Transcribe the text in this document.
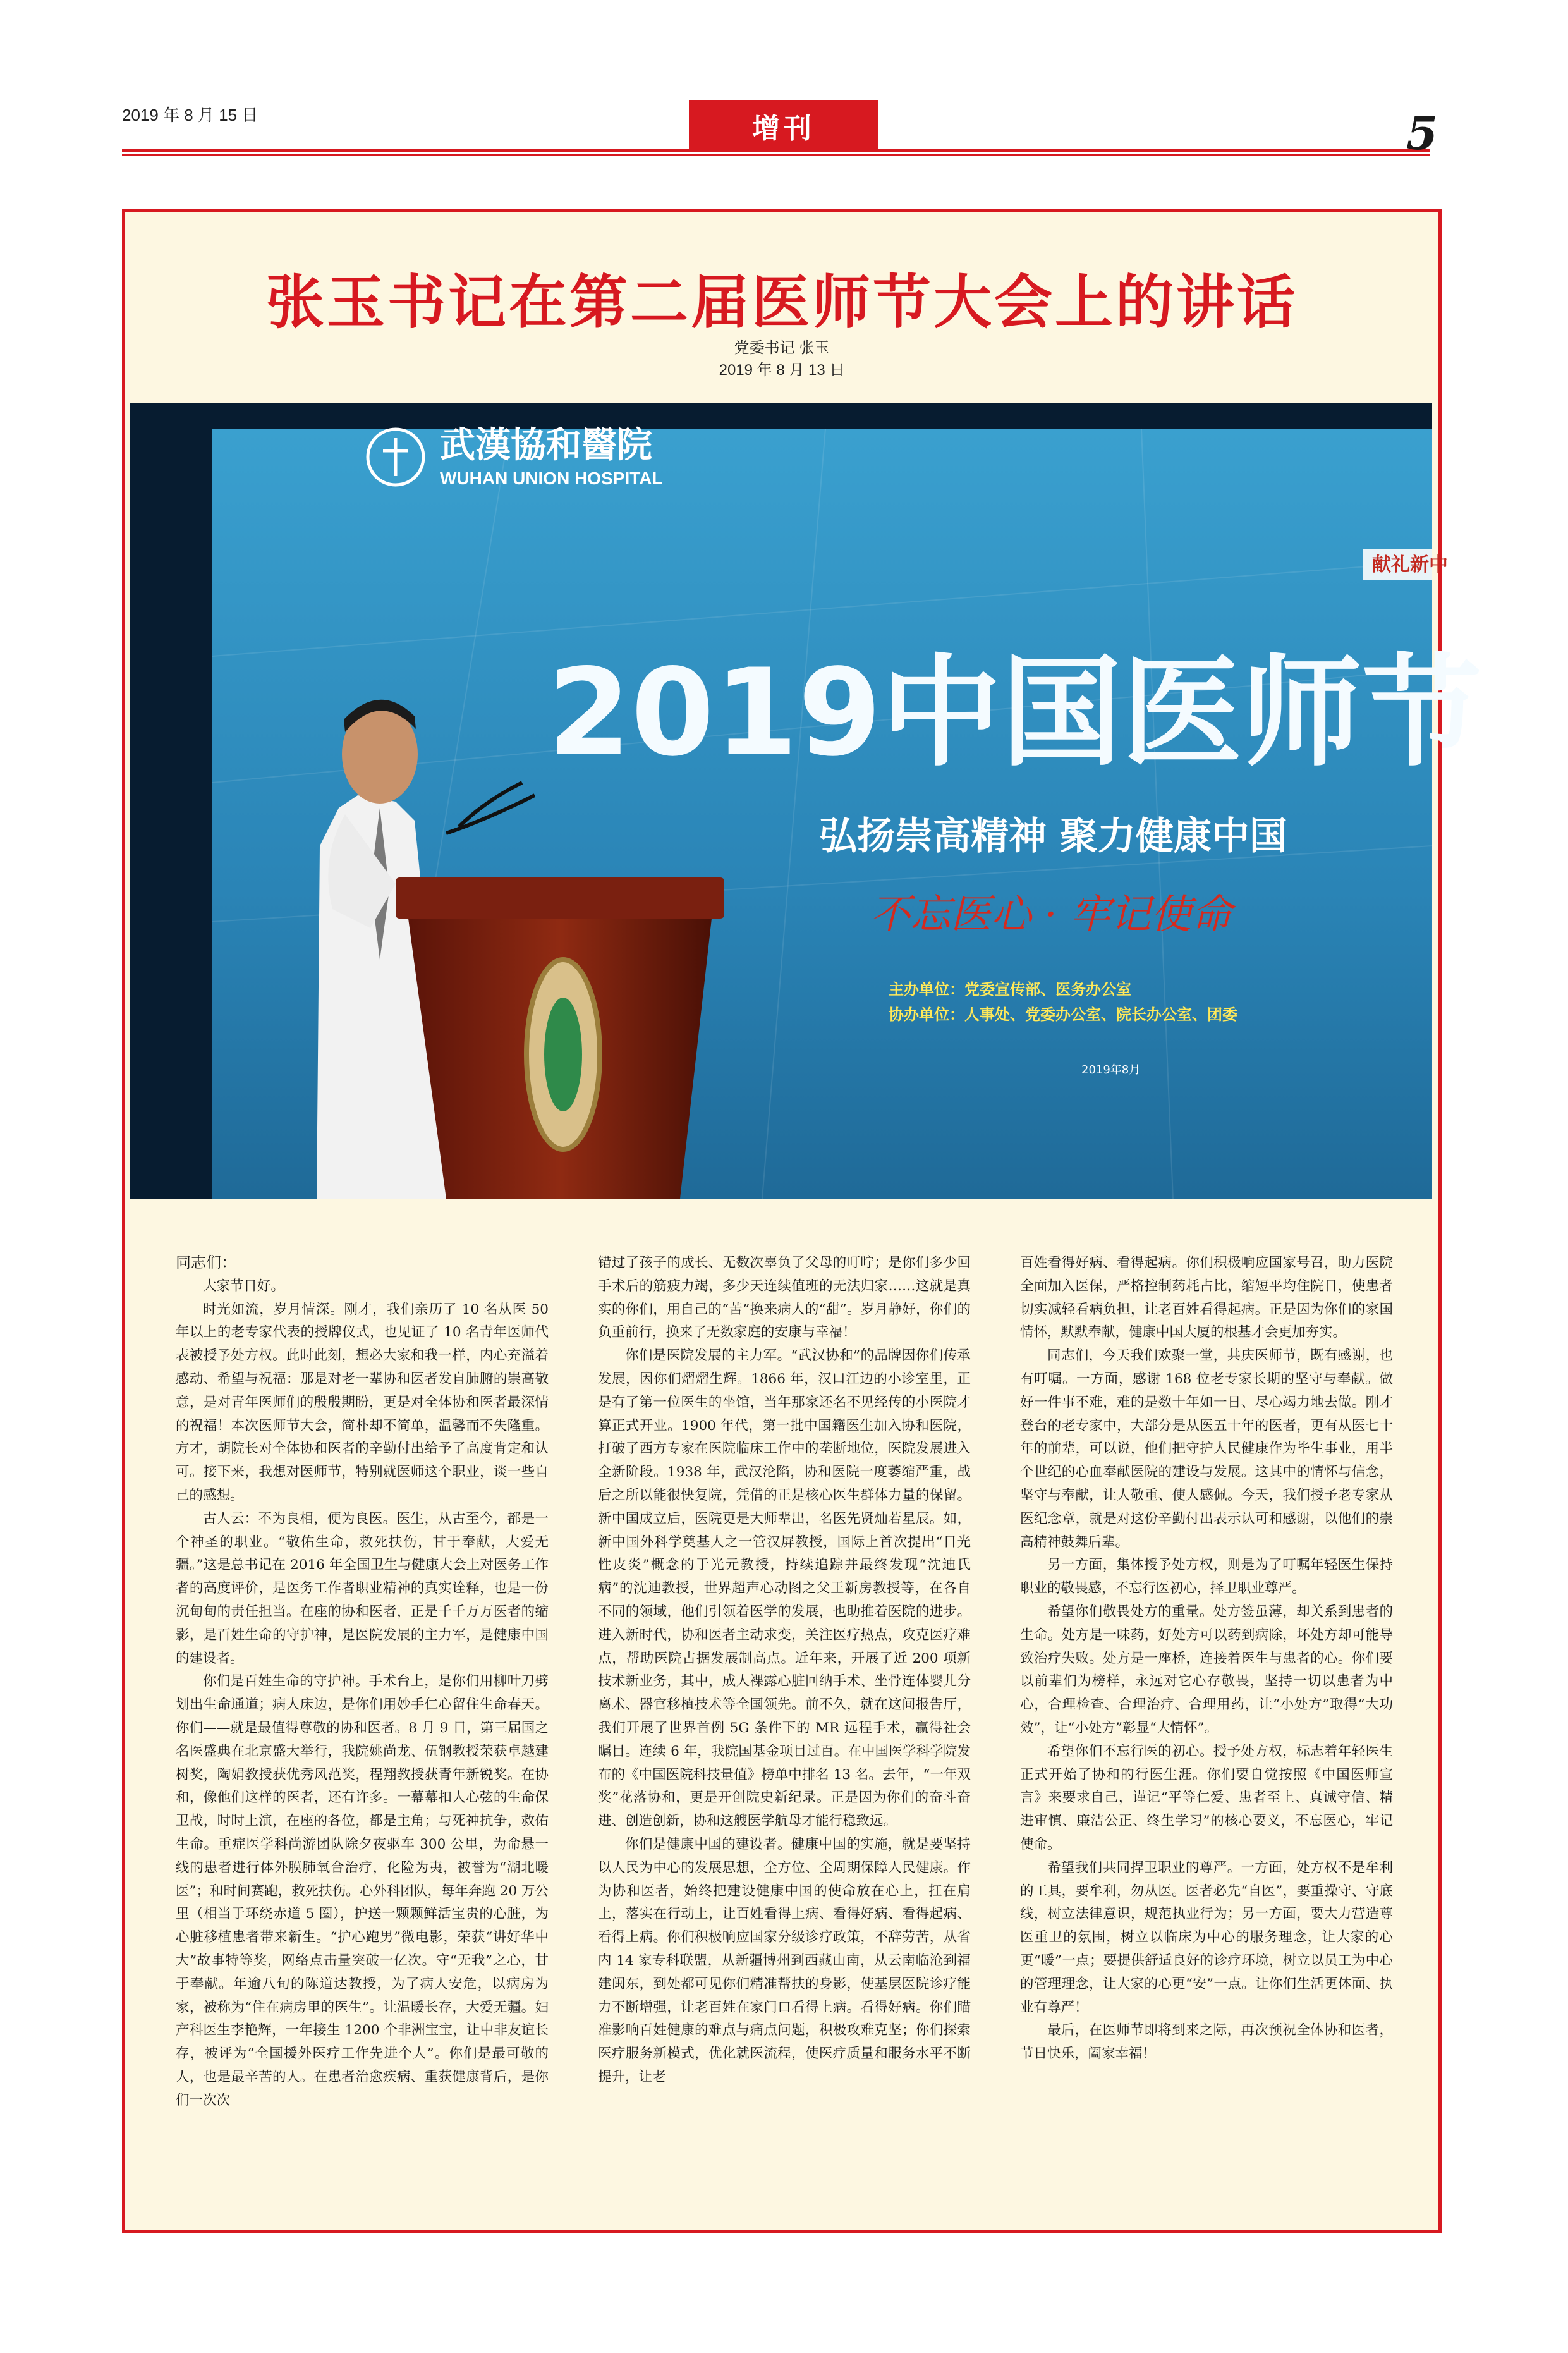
2019 年 8 月 15 日	增刊	5
张玉书记在第二届医师节大会上的讲话
党委书记 张玉
2019 年 8 月 13 日
武漢協和醫院
WUHAN UNION HOSPITAL
献礼新中
2019中国医师节
弘扬崇高精神 聚力健康中国
不忘医心 · 牢记使命
主办单位：党委宣传部、医务办公室
协办单位：人事处、党委办公室、院长办公室、团委
2019年8月

同志们：

大家节日好。

时光如流，岁月情深。刚才，我们亲历了 10 名从医 50 年以上的老专家代表的授牌仪式，也见证了 10 名青年医师代表被授予处方权。此时此刻，想必大家和我一样，内心充溢着感动、希望与祝福：那是对老一辈协和医者发自肺腑的崇高敬意，是对青年医师们的殷殷期盼，更是对全体协和医者最深情的祝福！本次医师节大会，简朴却不简单，温馨而不失隆重。方才，胡院长对全体协和医者的辛勤付出给予了高度肯定和认可。接下来，我想对医师节，特别就医师这个职业，谈一些自己的感想。

古人云：不为良相，便为良医。医生，从古至今，都是一个神圣的职业。“敬佑生命，救死扶伤，甘于奉献，大爱无疆。”这是总书记在 2016 年全国卫生与健康大会上对医务工作者的高度评价，是医务工作者职业精神的真实诠释，也是一份沉甸甸的责任担当。在座的协和医者，正是千千万万医者的缩影，是百姓生命的守护神，是医院发展的主力军，是健康中国的建设者。

你们是百姓生命的守护神。手术台上，是你们用柳叶刀劈划出生命通道；病人床边，是你们用妙手仁心留住生命春天。你们——就是最值得尊敬的协和医者。8 月 9 日，第三届国之名医盛典在北京盛大举行，我院姚尚龙、伍钢教授荣获卓越建树奖，陶娟教授获优秀风范奖，程翔教授获青年新锐奖。在协和，像他们这样的医者，还有许多。一幕幕扣人心弦的生命保卫战，时时上演，在座的各位，都是主角；与死神抗争，救佑生命。重症医学科尚游团队除夕夜驱车 300 公里，为命悬一线的患者进行体外膜肺氧合治疗，化险为夷，被誉为“湖北暖医”；和时间赛跑，救死扶伤。心外科团队，每年奔跑 20 万公里（相当于环绕赤道 5 圈），护送一颗颗鲜活宝贵的心脏，为心脏移植患者带来新生。“护心跑男”微电影，荣获“讲好华中大”故事特等奖，网络点击量突破一亿次。守“无我”之心，甘于奉献。年逾八旬的陈道达教授，为了病人安危，以病房为家，被称为“住在病房里的医生”。让温暖长存，大爱无疆。妇产科医生李艳辉，一年接生 1200 个非洲宝宝，让中非友谊长存，被评为“全国援外医疗工作先进个人”。你们是最可敬的人，也是最辛苦的人。在患者治愈疾病、重获健康背后，是你们一次次

错过了孩子的成长、无数次辜负了父母的叮咛；是你们多少回手术后的筋疲力竭，多少天连续值班的无法归家……这就是真实的你们，用自己的“苦”换来病人的“甜”。岁月静好，你们的负重前行，换来了无数家庭的安康与幸福！

你们是医院发展的主力军。“武汉协和”的品牌因你们传承发展，因你们熠熠生辉。1866 年，汉口江边的小诊室里，正是有了第一位医生的坐馆，当年那家还名不见经传的小医院才算正式开业。1900 年代，第一批中国籍医生加入协和医院，打破了西方专家在医院临床工作中的垄断地位，医院发展进入全新阶段。1938 年，武汉沦陷，协和医院一度萎缩严重，战后之所以能很快复院，凭借的正是核心医生群体力量的保留。新中国成立后，医院更是大师辈出，名医先贤灿若星辰。如，新中国外科学奠基人之一管汉屏教授，国际上首次提出“日光性皮炎”概念的于光元教授，持续追踪并最终发现“沈迪氏病”的沈迪教授，世界超声心动图之父王新房教授等，在各自不同的领域，他们引领着医学的发展，也助推着医院的进步。进入新时代，协和医者主动求变，关注医疗热点，攻克医疗难点，帮助医院占据发展制高点。近年来，开展了近 200 项新技术新业务，其中，成人裸露心脏回纳手术、坐骨连体婴儿分离术、器官移植技术等全国领先。前不久，就在这间报告厅，我们开展了世界首例 5G 条件下的 MR 远程手术，赢得社会瞩目。连续 6 年，我院国基金项目过百。在中国医学科学院发布的《中国医院科技量值》榜单中排名 13 名。去年，“一年双奖”花落协和，更是开创院史新纪录。正是因为你们的奋斗奋进、创造创新，协和这艘医学航母才能行稳致远。

你们是健康中国的建设者。健康中国的实施，就是要坚持以人民为中心的发展思想，全方位、全周期保障人民健康。作为协和医者，始终把建设健康中国的使命放在心上，扛在肩上，落实在行动上，让百姓看得上病、看得好病、看得起病、看得上病。你们积极响应国家分级诊疗政策，不辞劳苦，从省内 14 家专科联盟，从新疆博州到西藏山南，从云南临沧到福建闽东，到处都可见你们精准帮扶的身影，使基层医院诊疗能力不断增强，让老百姓在家门口看得上病。看得好病。你们瞄准影响百姓健康的难点与痛点问题，积极攻难克坚；你们探索医疗服务新模式，优化就医流程，使医疗质量和服务水平不断提升，让老

百姓看得好病、看得起病。你们积极响应国家号召，助力医院全面加入医保，严格控制药耗占比，缩短平均住院日，使患者切实减轻看病负担，让老百姓看得起病。正是因为你们的家国情怀，默默奉献，健康中国大厦的根基才会更加夯实。

同志们，今天我们欢聚一堂，共庆医师节，既有感谢，也有叮嘱。一方面，感谢 168 位老专家长期的坚守与奉献。做好一件事不难，难的是数十年如一日、尽心竭力地去做。刚才登台的老专家中，大部分是从医五十年的医者，更有从医七十年的前辈，可以说，他们把守护人民健康作为毕生事业，用半个世纪的心血奉献医院的建设与发展。这其中的情怀与信念，坚守与奉献，让人敬重、使人感佩。今天，我们授予老专家从医纪念章，就是对这份辛勤付出表示认可和感谢，以他们的崇高精神鼓舞后辈。

另一方面，集体授予处方权，则是为了叮嘱年轻医生保持职业的敬畏感，不忘行医初心，择卫职业尊严。

希望你们敬畏处方的重量。处方签虽薄，却关系到患者的生命。处方是一味药，好处方可以药到病除，坏处方却可能导致治疗失败。处方是一座桥，连接着医生与患者的心。你们要以前辈们为榜样，永远对它心存敬畏，坚持一切以患者为中心，合理检查、合理治疗、合理用药，让“小处方”取得“大功效”，让“小处方”彰显“大情怀”。

希望你们不忘行医的初心。授予处方权，标志着年轻医生正式开始了协和的行医生涯。你们要自觉按照《中国医师宣言》来要求自己，谨记“平等仁爱、患者至上、真诚守信、精进审慎、廉洁公正、终生学习”的核心要义，不忘医心，牢记使命。

希望我们共同捍卫职业的尊严。一方面，处方权不是牟利的工具，要牟利，勿从医。医者必先“自医”，要重操守、守底线，树立法律意识，规范执业行为；另一方面，要大力营造尊医重卫的氛围，树立以临床为中心的服务理念，让大家的心更“暖”一点；要提供舒适良好的诊疗环境，树立以员工为中心的管理理念，让大家的心更“安”一点。让你们生活更体面、执业有尊严！

最后，在医师节即将到来之际，再次预祝全体协和医者，节日快乐，阖家幸福！
